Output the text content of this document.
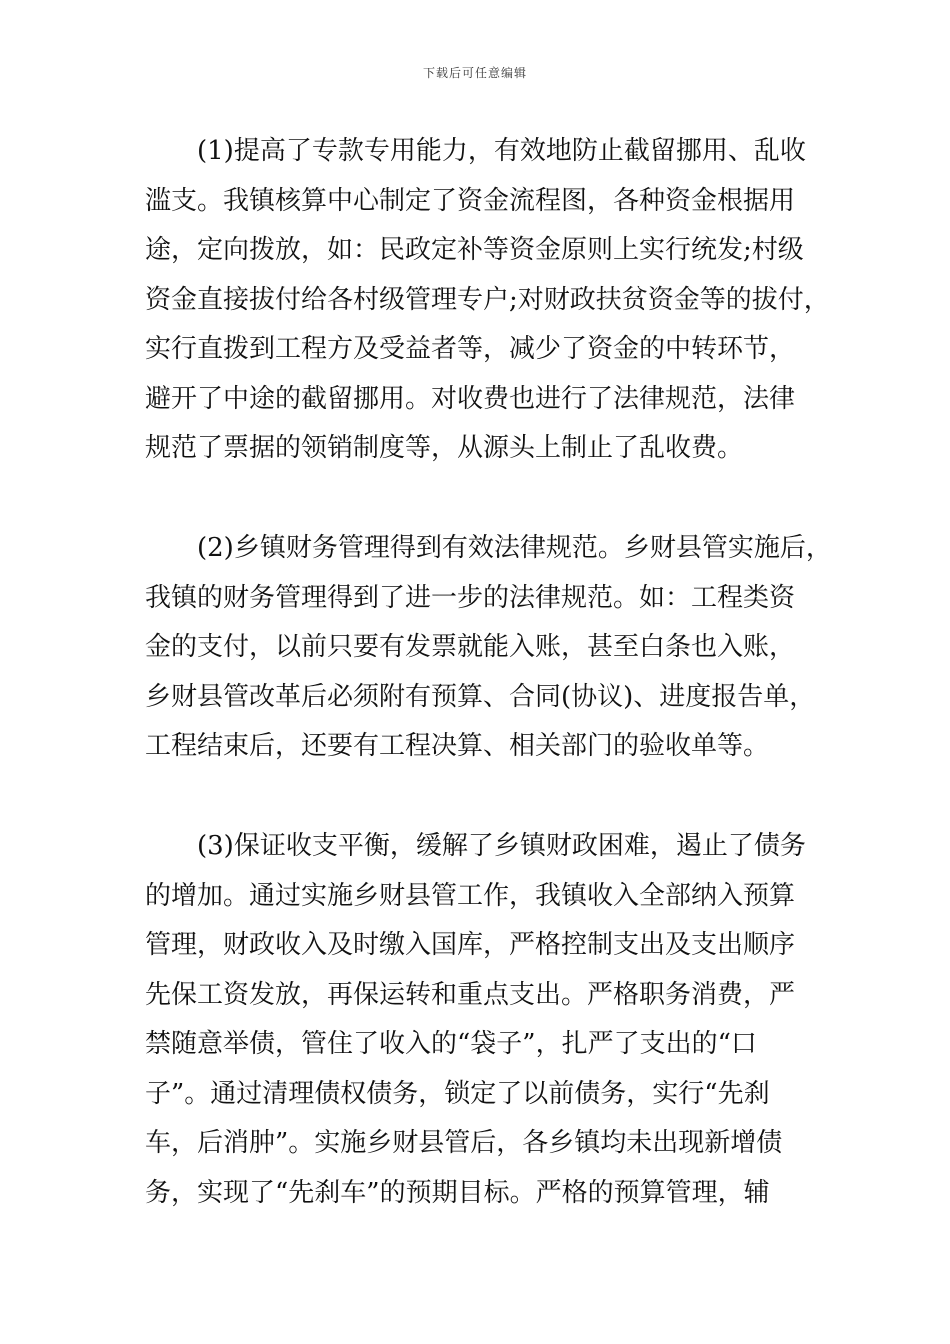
下载后可任意编辑
(1)提高了专款专用能力，有效地防止截留挪用、乱收
滥支。我镇核算中心制定了资金流程图，各种资金根据用
途，定向拨放，如：民政定补等资金原则上实行统发;村级
资金直接拔付给各村级管理专户;对财政扶贫资金等的拔付，
实行直拨到工程方及受益者等，减少了资金的中转环节，
避开了中途的截留挪用。对收费也进行了法律规范，法律
规范了票据的领销制度等，从源头上制止了乱收费。
(2)乡镇财务管理得到有效法律规范。乡财县管实施后，
我镇的财务管理得到了进一步的法律规范。如：工程类资
金的支付，以前只要有发票就能入账，甚至白条也入账，
乡财县管改革后必须附有预算、合同(协议)、进度报告单，
工程结束后，还要有工程决算、相关部门的验收单等。
(3)保证收支平衡，缓解了乡镇财政困难，遏止了债务
的增加。通过实施乡财县管工作，我镇收入全部纳入预算
管理，财政收入及时缴入国库，严格控制支出及支出顺序
先保工资发放，再保运转和重点支出。严格职务消费，严
禁随意举债，管住了收入的“袋子”，扎严了支出的“口
子”。通过清理债权债务，锁定了以前债务，实行“先刹
车，后消肿”。实施乡财县管后，各乡镇均未出现新增债
务，实现了“先刹车”的预期目标。严格的预算管理，辅
